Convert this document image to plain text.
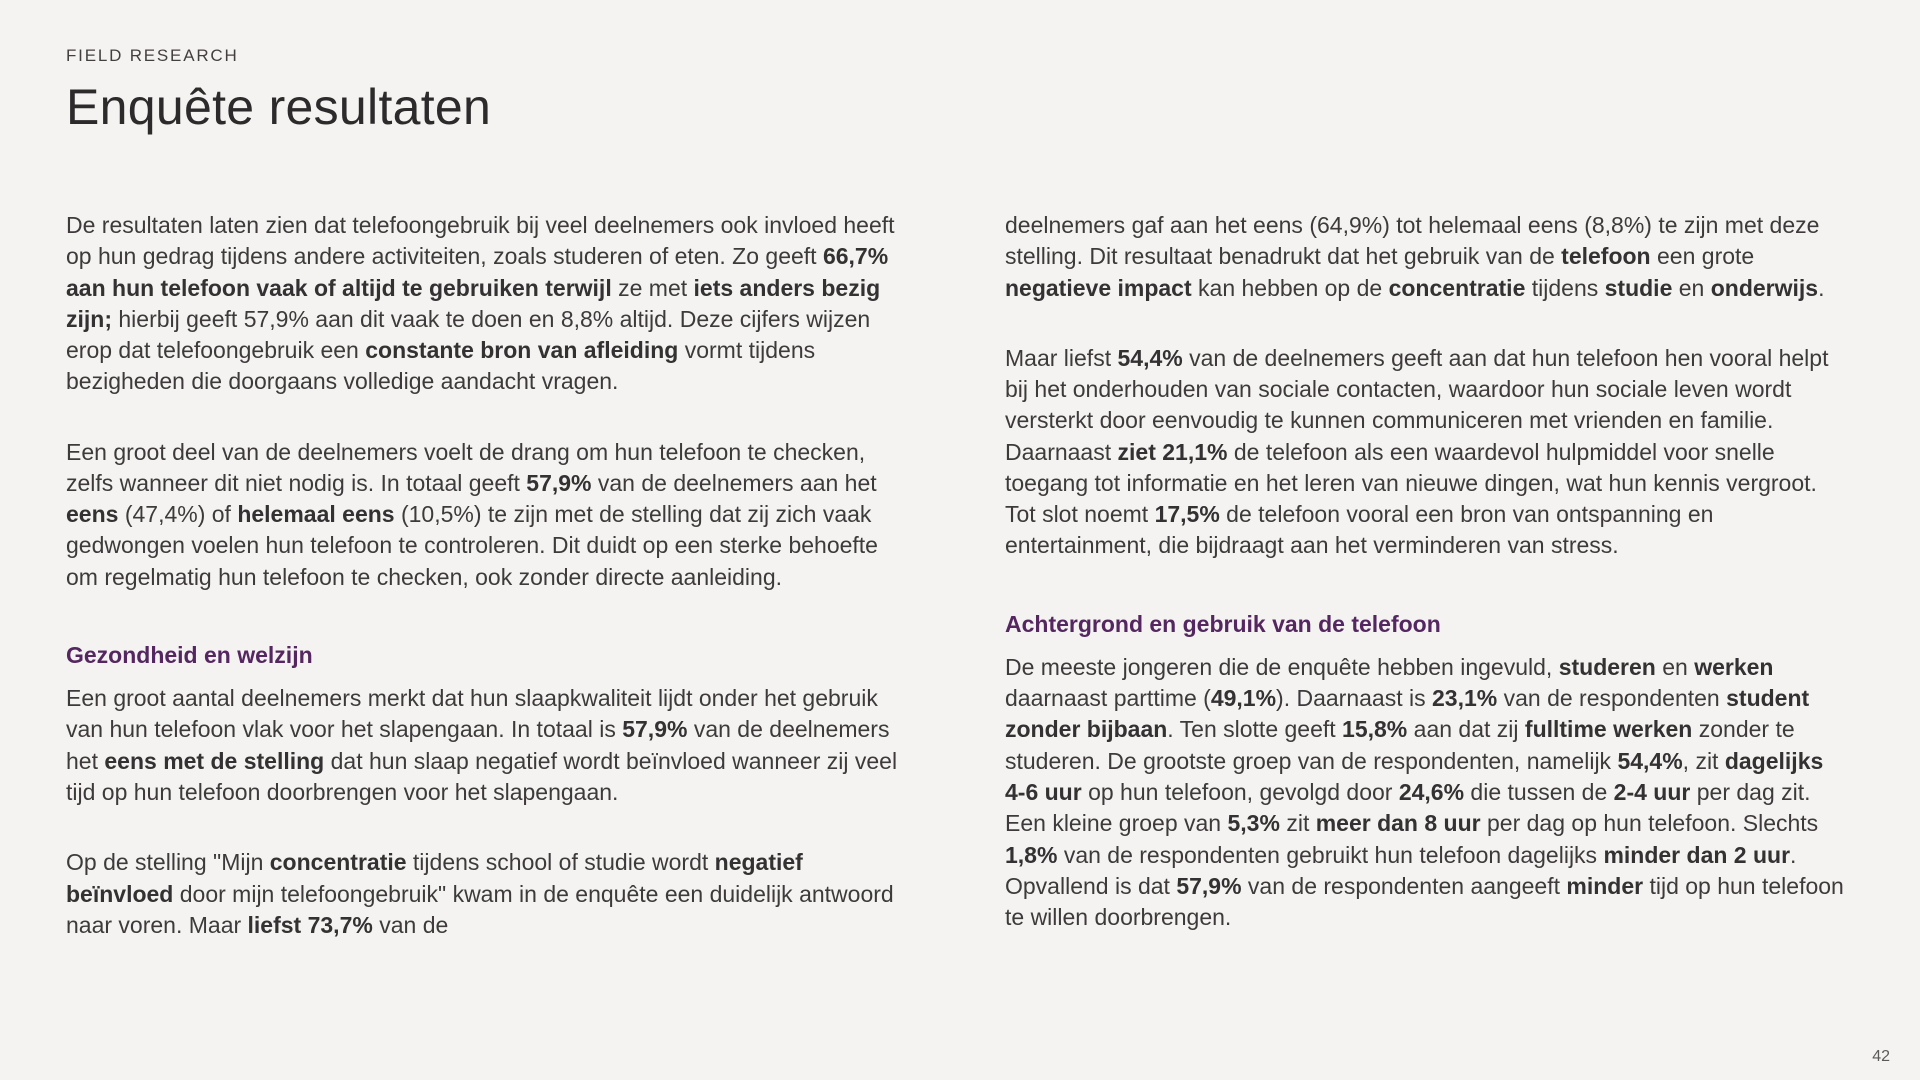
FIELD RESEARCH
Enquête resultaten

De resultaten laten zien dat telefoongebruik bij veel deelnemers ook invloed heeft op hun gedrag tijdens andere activiteiten, zoals studeren of eten. Zo geeft 66,7% aan hun telefoon vaak of altijd te gebruiken terwijl ze met iets anders bezig zijn; hierbij geeft 57,9% aan dit vaak te doen en 8,8% altijd. Deze cijfers wijzen erop dat telefoongebruik een constante bron van afleiding vormt tijdens bezigheden die doorgaans volledige aandacht vragen.

Een groot deel van de deelnemers voelt de drang om hun telefoon te checken, zelfs wanneer dit niet nodig is. In totaal geeft 57,9% van de deelnemers aan het eens (47,4%) of helemaal eens (10,5%) te zijn met de stelling dat zij zich vaak gedwongen voelen hun telefoon te controleren. Dit duidt op een sterke behoefte om regelmatig hun telefoon te checken, ook zonder directe aanleiding.

Gezondheid en welzijn

Een groot aantal deelnemers merkt dat hun slaapkwaliteit lijdt onder het gebruik van hun telefoon vlak voor het slapengaan. In totaal is 57,9% van de deelnemers het eens met de stelling dat hun slaap negatief wordt beïnvloed wanneer zij veel tijd op hun telefoon doorbrengen voor het slapengaan.

Op de stelling "Mijn concentratie tijdens school of studie wordt negatief beïnvloed door mijn telefoongebruik" kwam in de enquête een duidelijk antwoord naar voren. Maar liefst 73,7% van de

deelnemers gaf aan het eens (64,9%) tot helemaal eens (8,8%) te zijn met deze stelling. Dit resultaat benadrukt dat het gebruik van de telefoon een grote negatieve impact kan hebben op de concentratie tijdens studie en onderwijs.

Maar liefst 54,4% van de deelnemers geeft aan dat hun telefoon hen vooral helpt bij het onderhouden van sociale contacten, waardoor hun sociale leven wordt versterkt door eenvoudig te kunnen communiceren met vrienden en familie. Daarnaast ziet 21,1% de telefoon als een waardevol hulpmiddel voor snelle toegang tot informatie en het leren van nieuwe dingen, wat hun kennis vergroot. Tot slot noemt 17,5% de telefoon vooral een bron van ontspanning en entertainment, die bijdraagt aan het verminderen van stress.

Achtergrond en gebruik van de telefoon

De meeste jongeren die de enquête hebben ingevuld, studeren en werken daarnaast parttime (49,1%). Daarnaast is 23,1% van de respondenten student zonder bijbaan. Ten slotte geeft 15,8% aan dat zij fulltime werken zonder te studeren. De grootste groep van de respondenten, namelijk 54,4%, zit dagelijks 4-6 uur op hun telefoon, gevolgd door 24,6% die tussen de 2-4 uur per dag zit. Een kleine groep van 5,3% zit meer dan 8 uur per dag op hun telefoon. Slechts 1,8% van de respondenten gebruikt hun telefoon dagelijks minder dan 2 uur. Opvallend is dat 57,9% van de respondenten aangeeft minder tijd op hun telefoon te willen doorbrengen.

42
